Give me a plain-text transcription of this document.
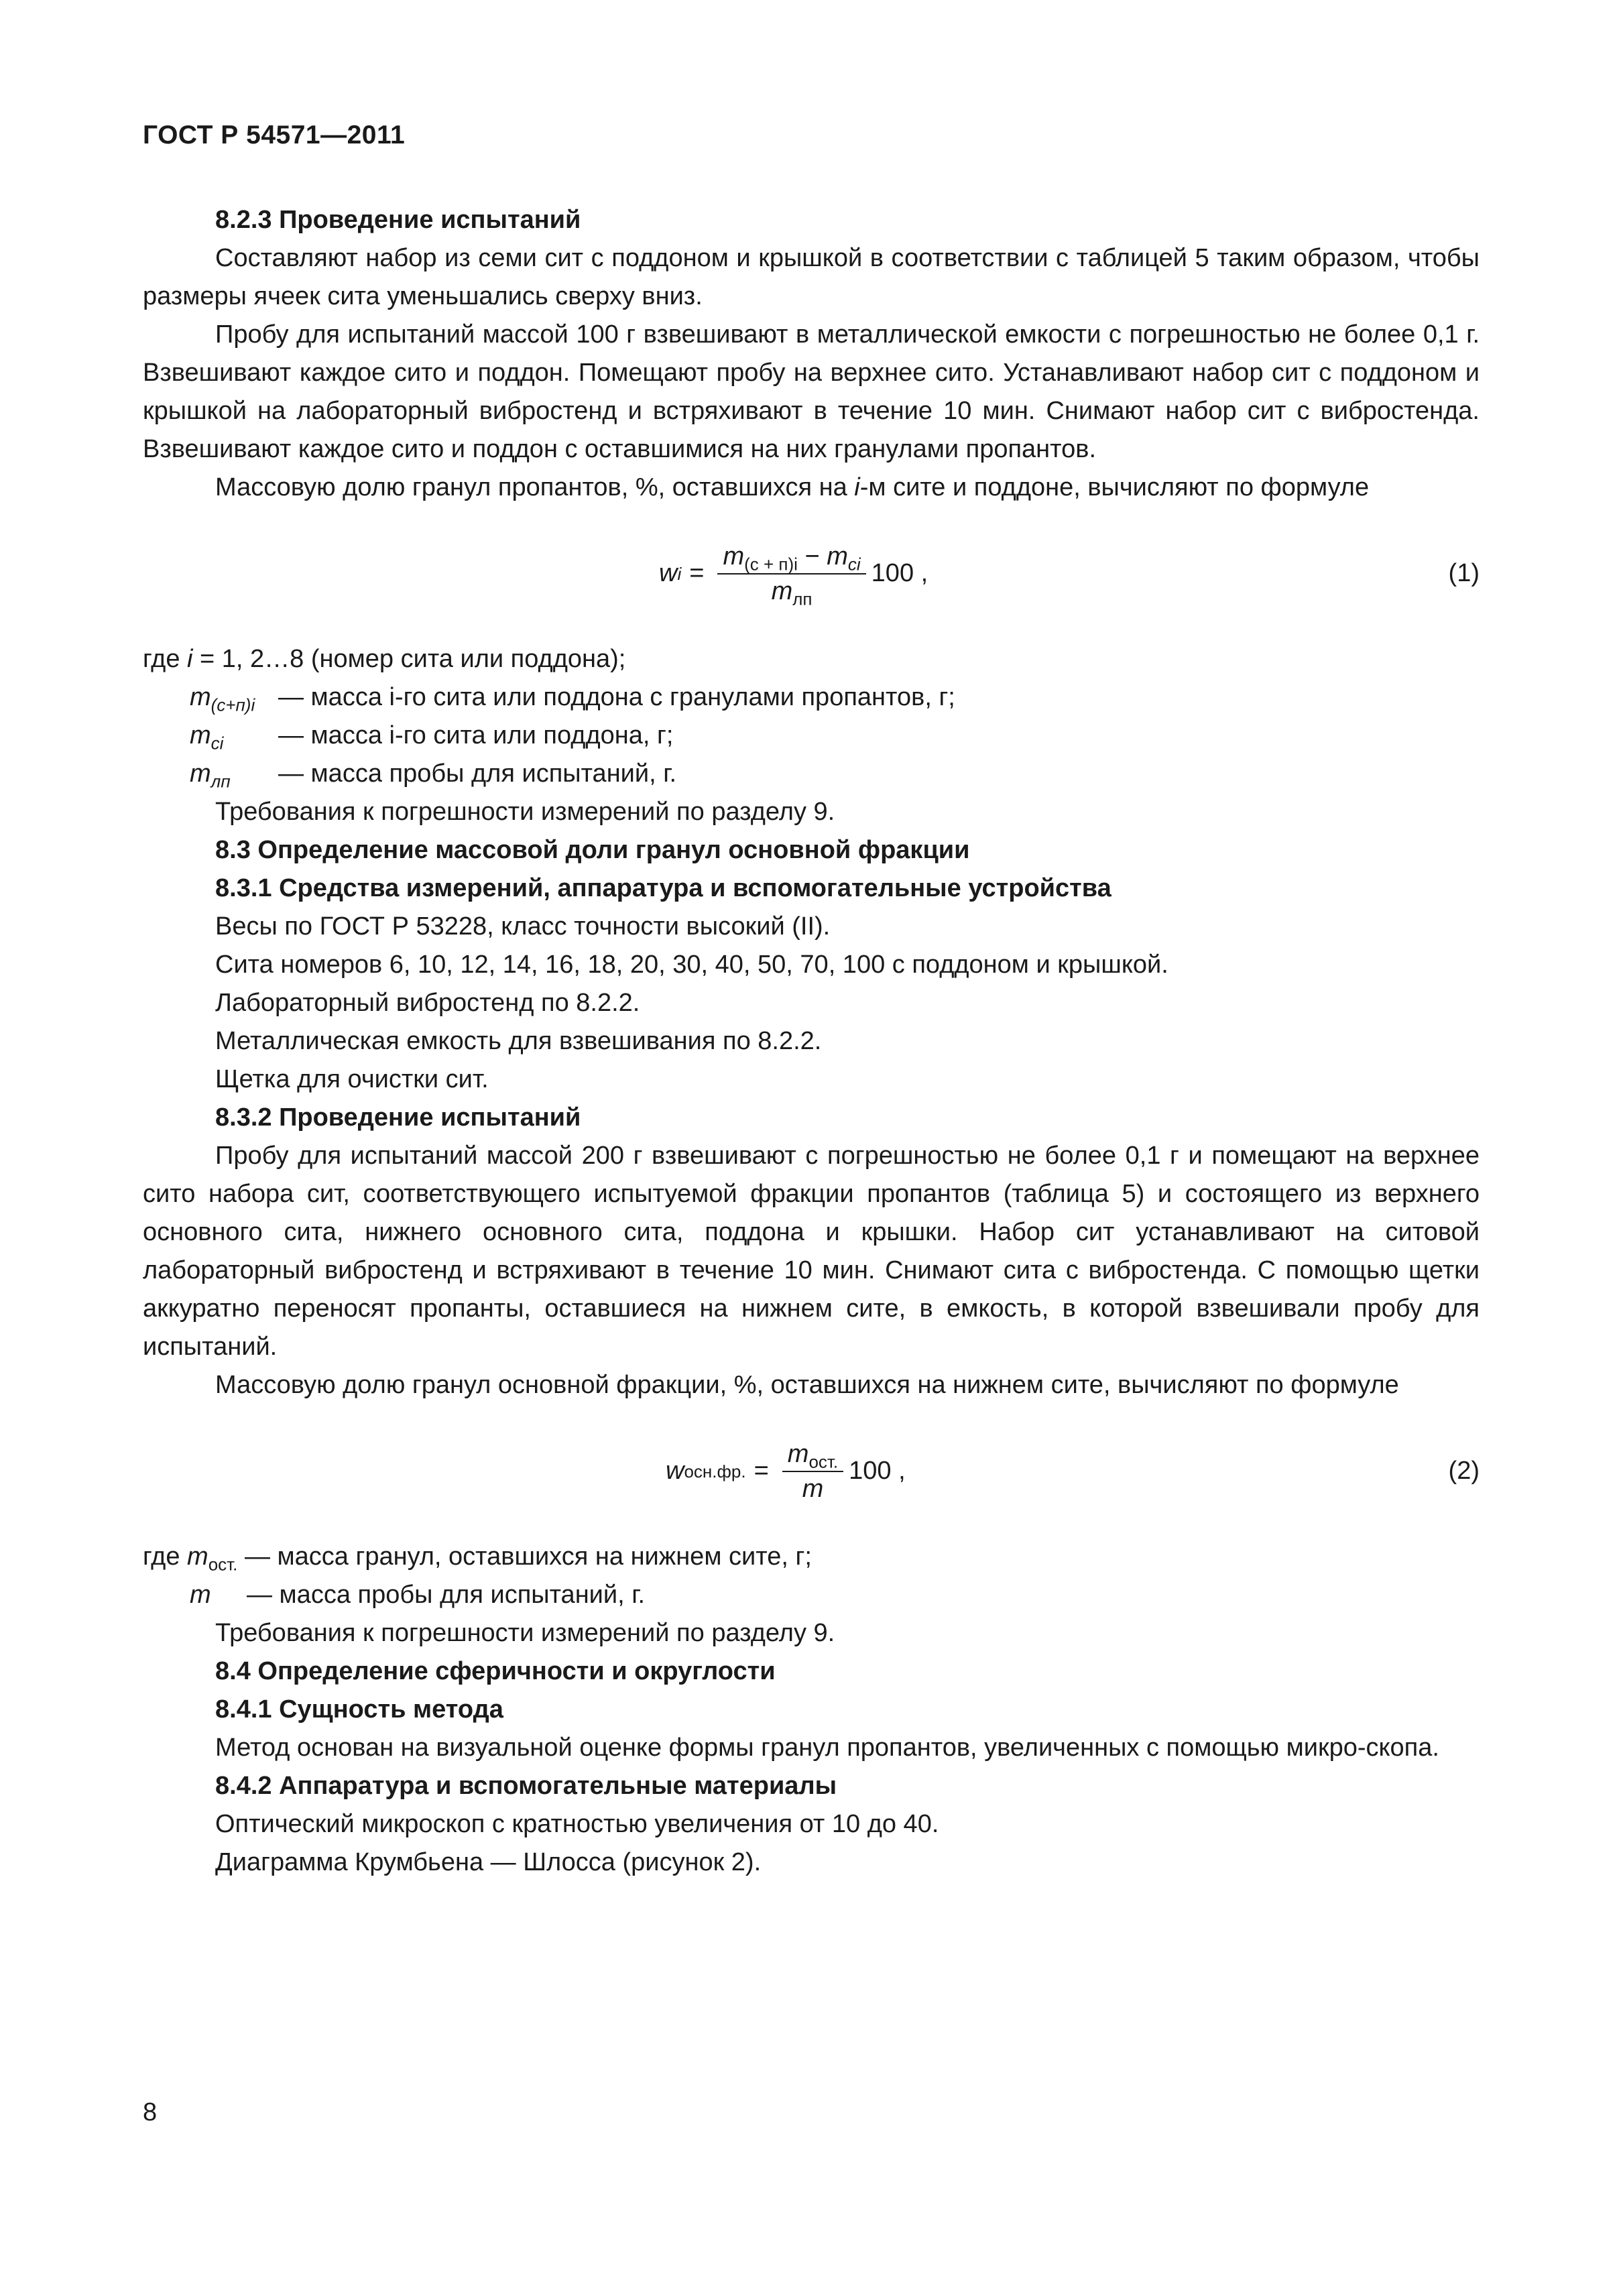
ГОСТ Р 54571—2011

8.2.3 Проведение испытаний

Составляют набор из семи сит с поддоном и крышкой в соответствии с таблицей 5 таким образом, чтобы размеры ячеек сита уменьшались сверху вниз.

Пробу для испытаний массой 100 г взвешивают в металлической емкости с погрешностью не более 0,1 г. Взвешивают каждое сито и поддон. Помещают пробу на верхнее сито. Устанавливают набор сит с поддоном и крышкой на лабораторный вибростенд и встряхивают в течение 10 мин. Снимают набор сит с вибростенда. Взвешивают каждое сито и поддон с оставшимися на них гранулами пропантов.

Массовую долю гранул пропантов, %, оставшихся на i-м сите и поддоне, вычисляют по формуле

w $i = \frac{m_{(c + п)i} - m_{ci}}{m_{лп}} 100$ ,	(1)

где i = 1, 2…8 (номер сита или поддона);

$m_{(c+п)i}$ — масса i-го сита или поддона с гранулами пропантов, г;
$m_{ci}$	— масса i-го сита или поддона, г;
$m_{лп}$	— масса пробы для испытаний, г.

Требования к погрешности измерений по разделу 9.

8.3 Определение массовой доли гранул основной фракции

8.3.1 Средства измерений, аппаратура и вспомогательные устройства

Весы по ГОСТ Р 53228, класс точности высокий (II).

Сита номеров 6, 10, 12, 14, 16, 18, 20, 30, 40, 50, 70, 100 с поддоном и крышкой.

Лабораторный вибростенд по 8.2.2.

Металлическая емкость для взвешивания по 8.2.2.

Щетка для очистки сит.

8.3.2 Проведение испытаний

Пробу для испытаний массой 200 г взвешивают с погрешностью не более 0,1 г и помещают на верхнее сито набора сит, соответствующего испытуемой фракции пропантов (таблица 5) и состоящего из верхнего основного сита, нижнего основного сита, поддона и крышки. Набор сит устанавливают на ситовой лабораторный вибростенд и встряхивают в течение 10 мин. Снимают сита с вибростенда. С помощью щетки аккуратно переносят пропанты, оставшиеся на нижнем сите, в емкость, в которой взвешивали пробу для испытаний.

Массовую долю гранул основной фракции, %, оставшихся на нижнем сите, вычисляют по формуле

w осн.фр. = $\frac{m_{ост.}}{m} 100$ ,	(2)

где $m_{ост.}$ — масса гранул, оставшихся на нижнем сите, г;

m	— масса пробы для испытаний, г.

Требования к погрешности измерений по разделу 9.

8.4 Определение сферичности и округлости

8.4.1 Сущность метода

Метод основан на визуальной оценке формы гранул пропантов, увеличенных с помощью микро-скопа.

8.4.2 Аппаратура и вспомогательные материалы

Оптический микроскоп с кратностью увеличения от 10 до 40.

Диаграмма Крумбьена — Шлосса (рисунок 2).

8
